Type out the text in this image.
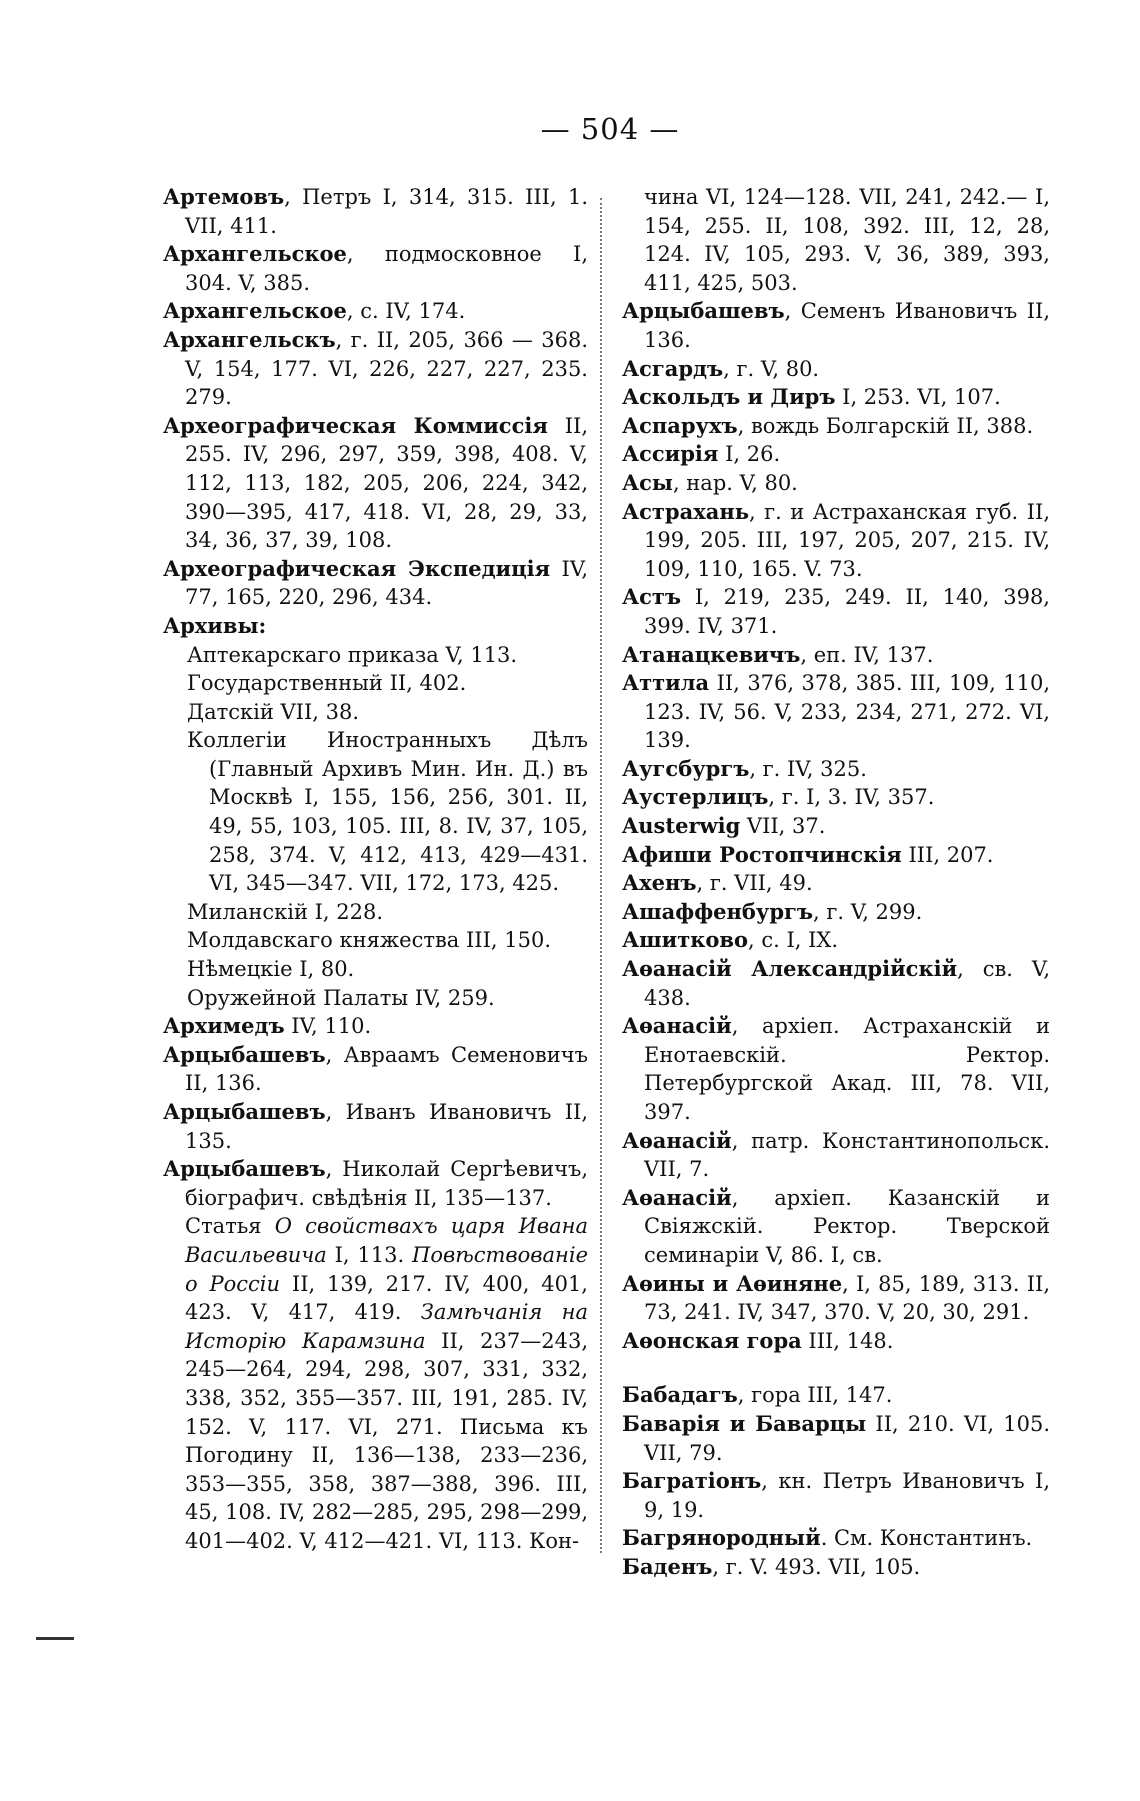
— 504 —

Артемовъ, Петръ I, 314, 315. III, 1. VII, 411.

Архангельское, подмосковное I, 304. V, 385.

Архангельское, с. IV, 174.

Архангельскъ, г. II, 205, 366 — 368. V, 154, 177. VI, 226, 227, 227, 235. 279.

Археографическая Коммиссія II, 255. IV, 296, 297, 359, 398, 408. V, 112, 113, 182, 205, 206, 224, 342, 390—395, 417, 418. VI, 28, 29, 33, 34, 36, 37, 39, 108.

Археографическая Экспедиція IV, 77, 165, 220, 296, 434.

Архивы:

Аптекарскаго приказа V, 113.

Государственный II, 402.

Датскій VII, 38.

Коллегіи Иностранныхъ Дѣлъ (Главный Архивъ Мин. Ин. Д.) въ Москвѣ I, 155, 156, 256, 301. II, 49, 55, 103, 105. III, 8. IV, 37, 105, 258, 374. V, 412, 413, 429—431. VI, 345—347. VII, 172, 173, 425.

Миланскій I, 228.

Молдавскаго княжества III, 150.

Нѣмецкіе I, 80.

Оружейной Палаты IV, 259.

Архимедъ IV, 110.

Арцыбашевъ, Авраамъ Семеновичъ II, 136.

Арцыбашевъ, Иванъ Ивановичъ II, 135.

Арцыбашевъ, Николай Сергѣевичъ, біографич. свѣдѣнія II, 135—137.

Статья О свойствахъ царя Ивана Васильевича I, 113. Повѣствованіе о Россіи II, 139, 217. IV, 400, 401, 423. V, 417, 419. Замѣчанія на Исторію Карамзина II, 237—243, 245—264, 294, 298, 307, 331, 332, 338, 352, 355—357. III, 191, 285. IV, 152. V, 117. VI, 271. Письма къ Погодину II, 136—138, 233—236, 353—355, 358, 387—388, 396. III, 45, 108. IV, 282—285, 295, 298—299, 401—402. V, 412—421. VI, 113. Кон-

чина VI, 124—128. VII, 241, 242.— I, 154, 255. II, 108, 392. III, 12, 28, 124. IV, 105, 293. V, 36, 389, 393, 411, 425, 503.

Арцыбашевъ, Семенъ Ивановичъ II, 136.

Асгардъ, г. V, 80.

Аскольдъ и Диръ I, 253. VI, 107.

Аспарухъ, вождь Болгарскій II, 388.

Ассирія I, 26.

Асы, нар. V, 80.

Астрахань, г. и Астраханская губ. II, 199, 205. III, 197, 205, 207, 215. IV, 109, 110, 165. V. 73.

Астъ I, 219, 235, 249. II, 140, 398, 399. IV, 371.

Атанацкевичъ, еп. IV, 137.

Аттила II, 376, 378, 385. III, 109, 110, 123. IV, 56. V, 233, 234, 271, 272. VI, 139.

Аугсбургъ, г. IV, 325.

Аустерлицъ, г. I, 3. IV, 357.

Austerwig VII, 37.

Афиши Ростопчинскія III, 207.

Ахенъ, г. VII, 49.

Ашаффенбургъ, г. V, 299.

Ашитково, с. I, IX.

Аѳанасій Александрійскій, св. V, 438.

Аѳанасій, архіеп. Астраханскій и Енотаевскій. Ректор. Петербургской Акад. III, 78. VII, 397.

Аѳанасій, патр. Константинопольск. VII, 7.

Аѳанасій, архіеп. Казанскій и Свіяжскій. Ректор. Тверской семинаріи V, 86. I, св.

Аѳины и Аѳиняне, I, 85, 189, 313. II, 73, 241. IV, 347, 370. V, 20, 30, 291.

Аѳонская гора III, 148.

Бабадагъ, гора III, 147.

Баварія и Баварцы II, 210. VI, 105. VII, 79.

Багратіонъ, кн. Петръ Ивановичъ I, 9, 19.

Багрянородный. См. Константинъ.

Баденъ, г. V. 493. VII, 105.
